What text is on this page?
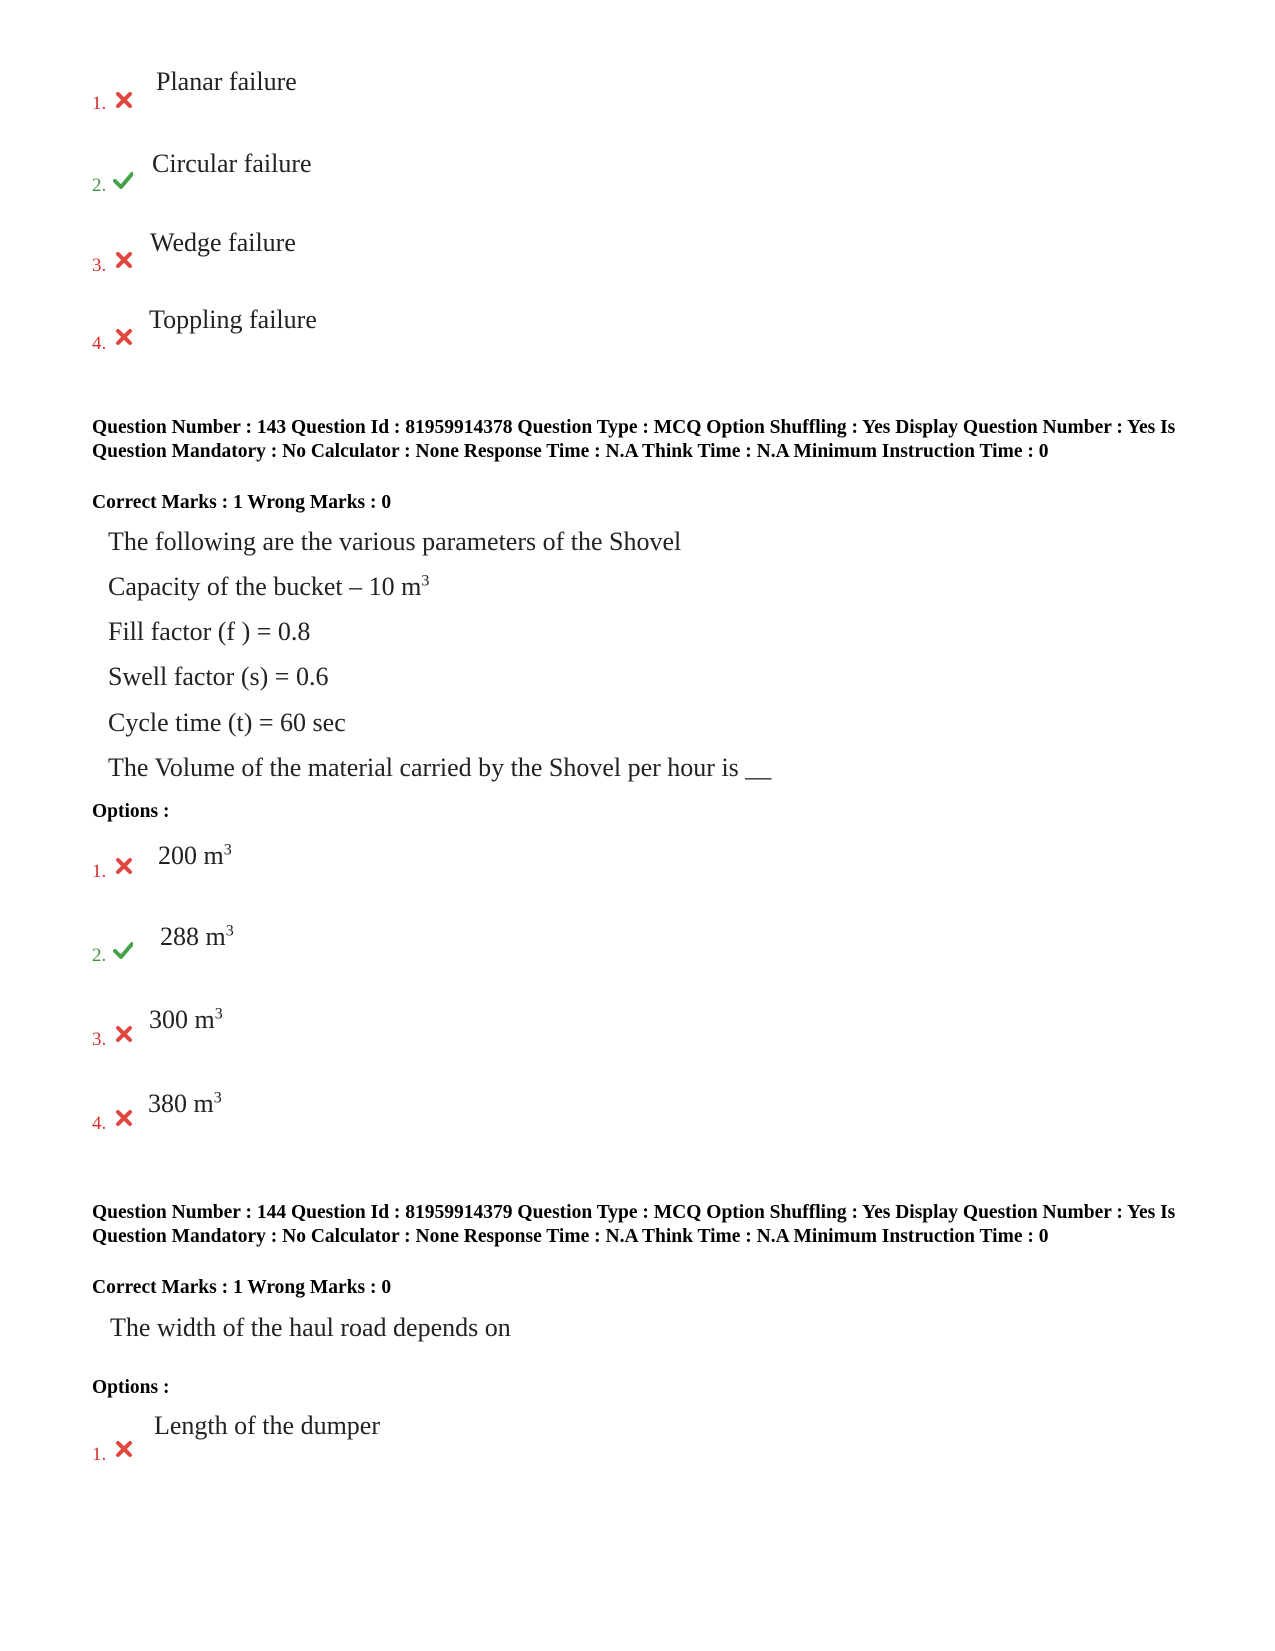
1.
Planar failure
2.
Circular failure
3.
Wedge failure
4.
Toppling failure
Question Number : 143 Question Id : 81959914378 Question Type : MCQ Option Shuffling : Yes Display Question Number : Yes Is Question Mandatory : No Calculator : None Response Time : N.A Think Time : N.A Minimum Instruction Time : 0
Correct Marks : 1 Wrong Marks : 0
The following are the various parameters of the Shovel
Capacity of the bucket – 10 $m^3$
Fill factor (f ) = 0.8
Swell factor (s) = 0.6
Cycle time (t) = 60 sec
The Volume of the material carried by the Shovel per hour is __
Options :
1.
200 $m^3$
2.
288 $m^3$
3.
300 $m^3$
4.
380 $m^3$
Question Number : 144 Question Id : 81959914379 Question Type : MCQ Option Shuffling : Yes Display Question Number : Yes Is Question Mandatory : No Calculator : None Response Time : N.A Think Time : N.A Minimum Instruction Time : 0
Correct Marks : 1 Wrong Marks : 0
The width of the haul road depends on
Options :
1.
Length of the dumper
